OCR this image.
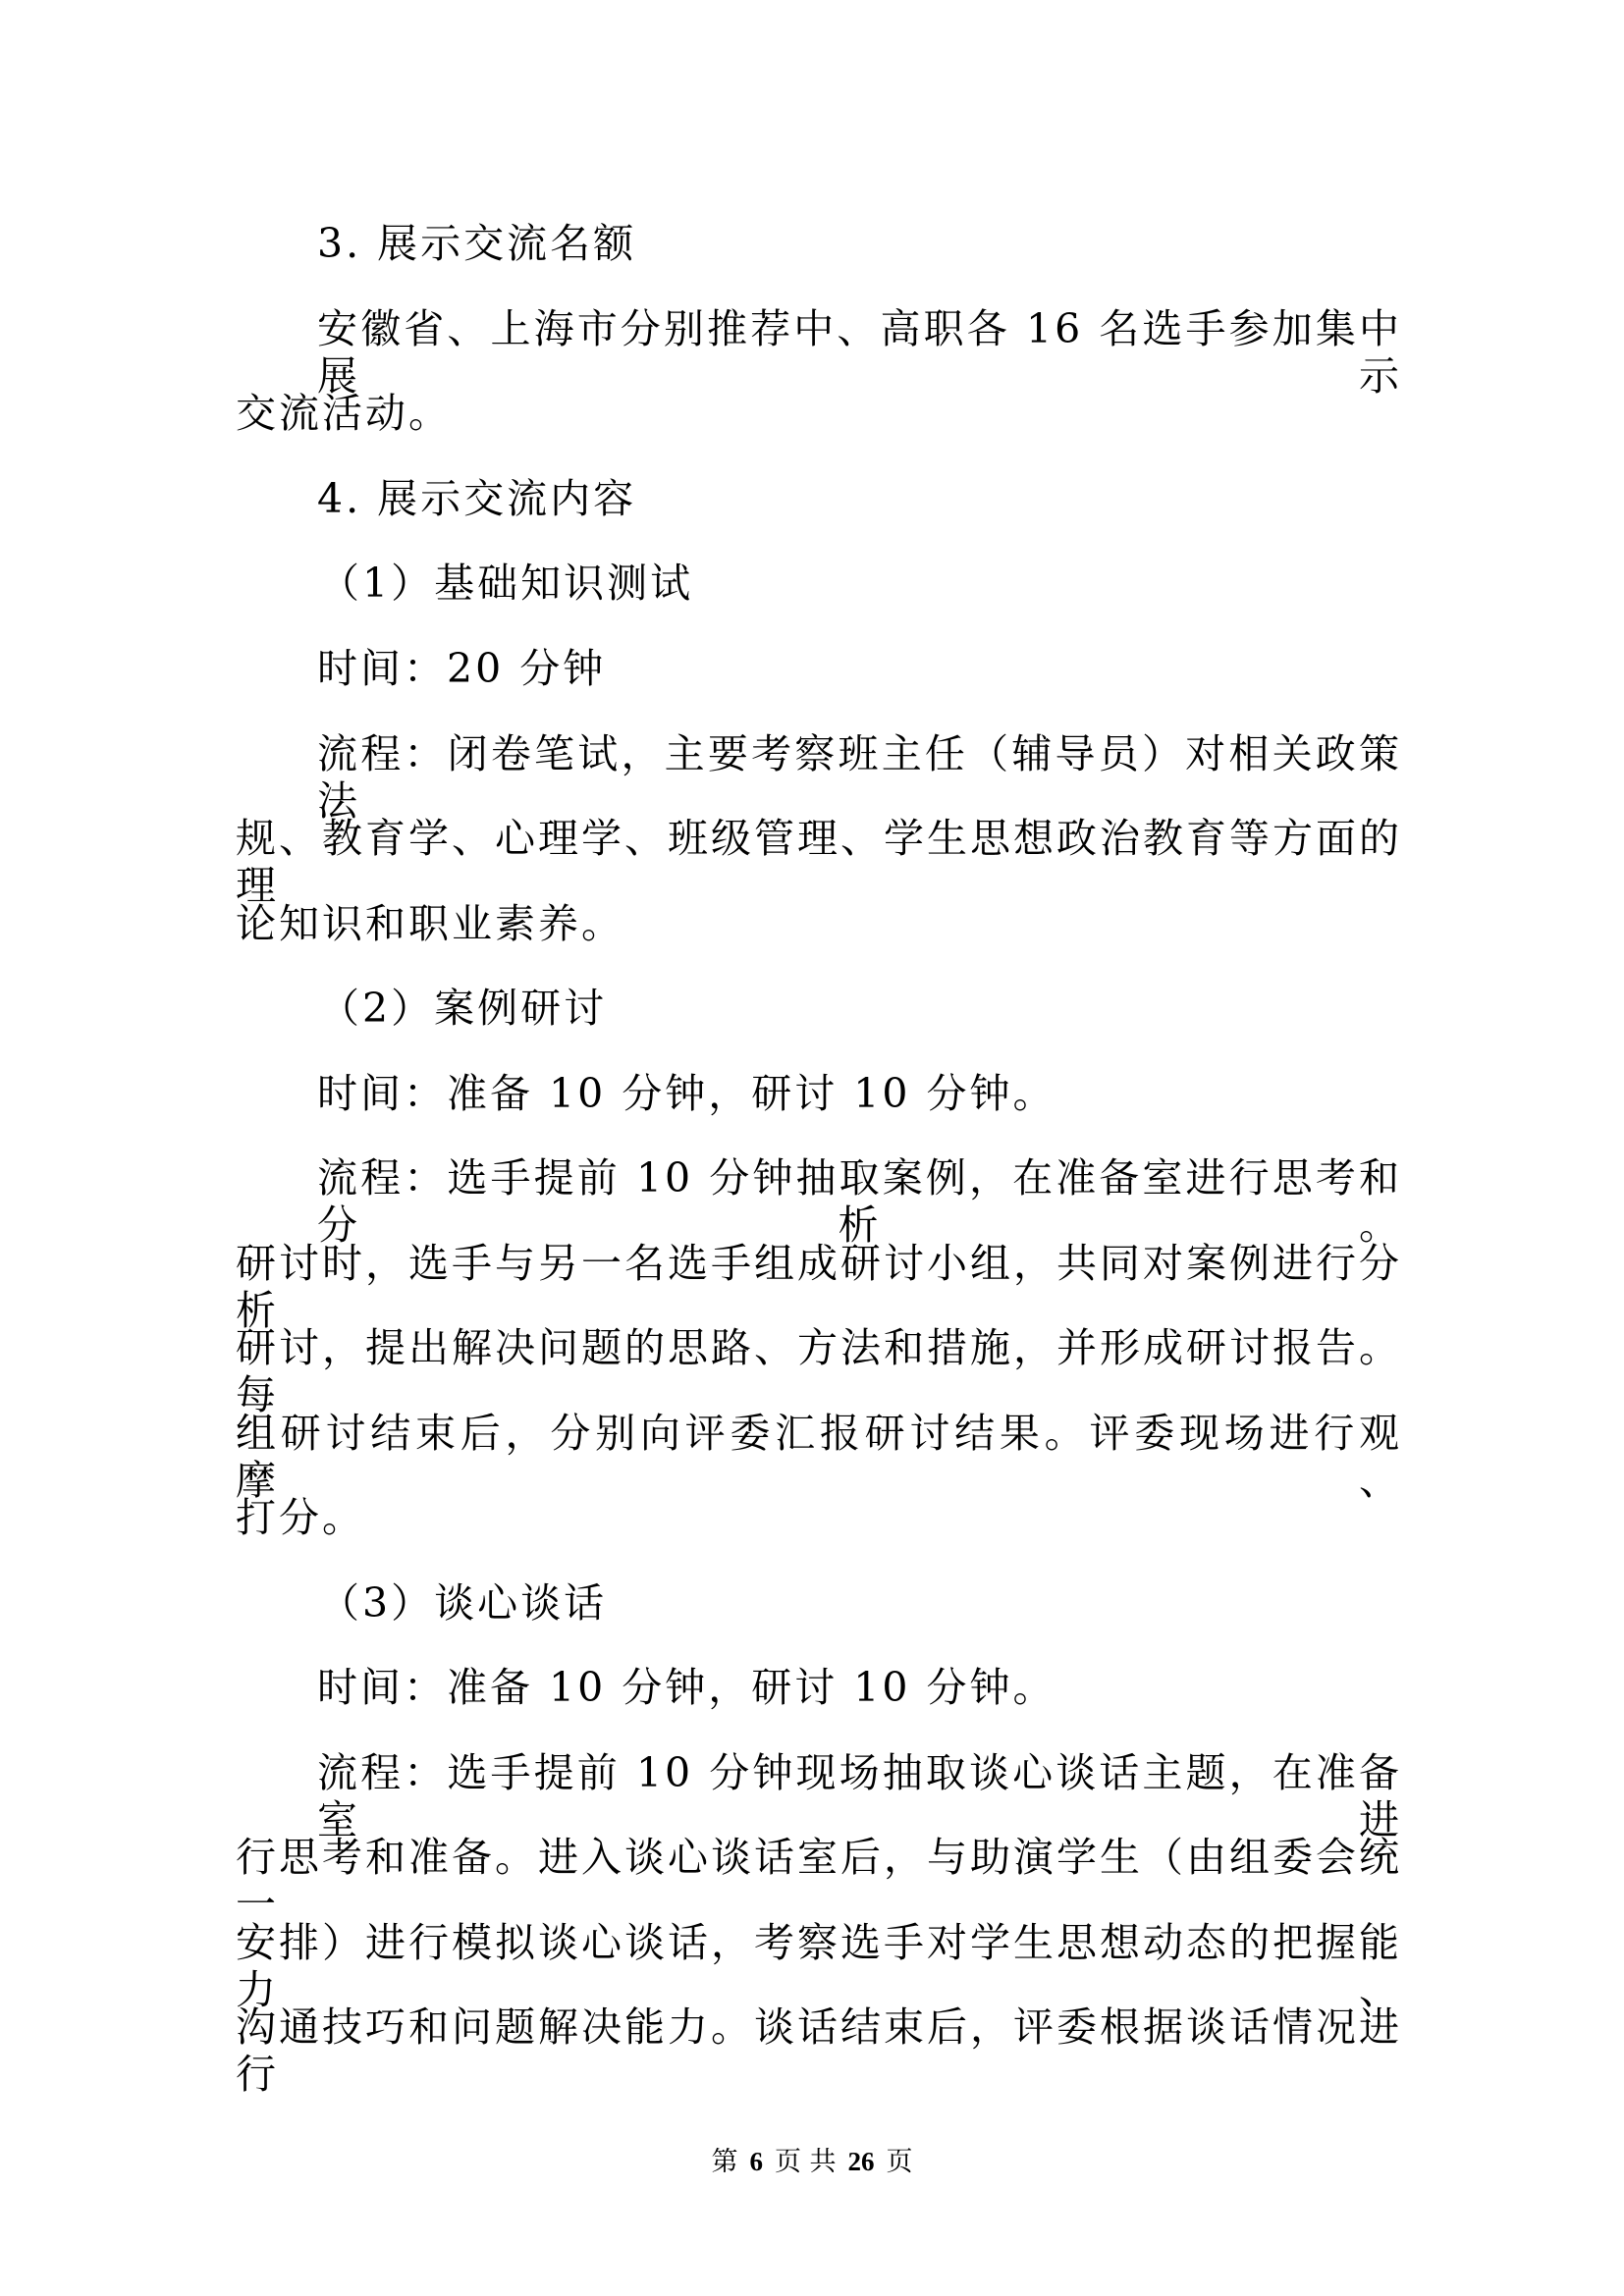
3. 展示交流名额
安徽省、上海市分别推荐中、高职各 16 名选手参加集中展示
交流活动。
4. 展示交流内容
（1）基础知识测试
时间：20 分钟
流程：闭卷笔试，主要考察班主任（辅导员）对相关政策法
规、教育学、心理学、班级管理、学生思想政治教育等方面的理
论知识和职业素养。
（2）案例研讨
时间：准备 10 分钟，研讨 10 分钟。
流程：选手提前 10 分钟抽取案例，在准备室进行思考和分析。
研讨时，选手与另一名选手组成研讨小组，共同对案例进行分析
研讨，提出解决问题的思路、方法和措施，并形成研讨报告。每
组研讨结束后，分别向评委汇报研讨结果。评委现场进行观摩、
打分。
（3）谈心谈话
时间：准备 10 分钟，研讨 10 分钟。
流程：选手提前 10 分钟现场抽取谈心谈话主题，在准备室进
行思考和准备。进入谈心谈话室后，与助演学生（由组委会统一
安排）进行模拟谈心谈话，考察选手对学生思想动态的把握能力、
沟通技巧和问题解决能力。谈话结束后，评委根据谈话情况进行
第 6 页 共 26 页
